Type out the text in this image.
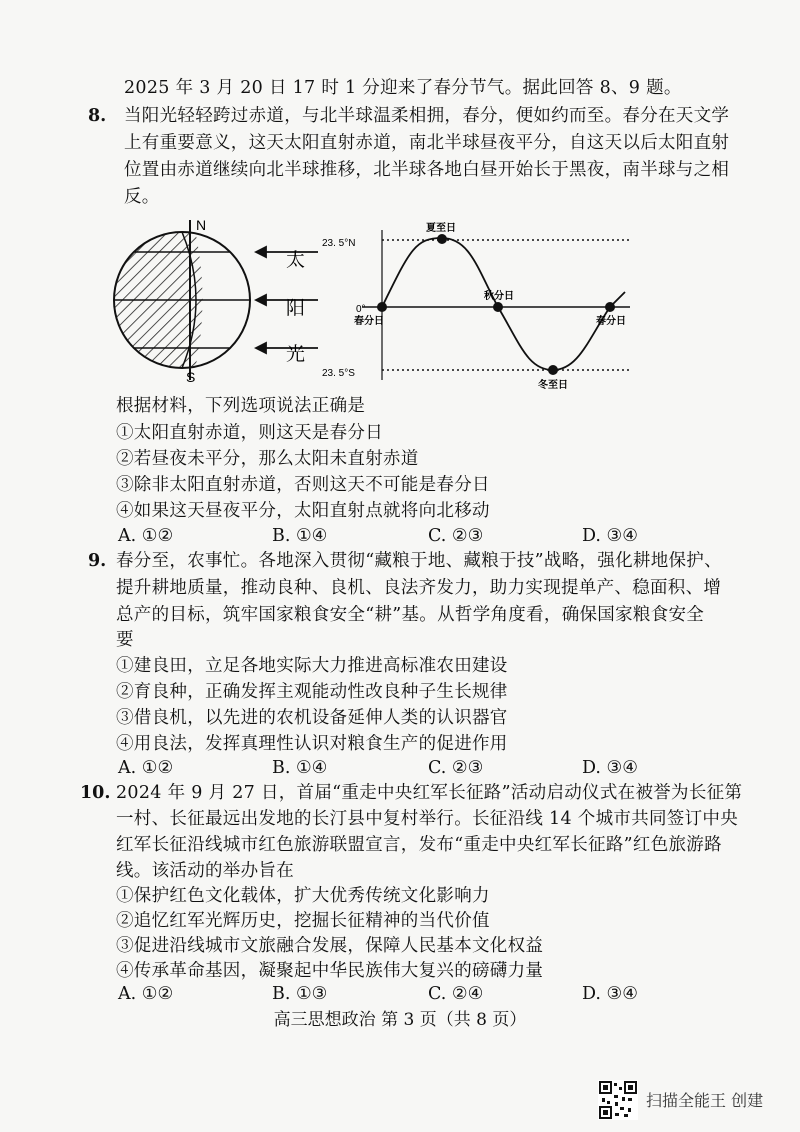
2025 年 3 月 20 日 17 时 1 分迎来了春分节气。据此回答 8、9 题。
8. 当阳光轻轻跨过赤道，与北半球温柔相拥，春分，便如约而至。春分在天文学
上有重要意义，这天太阳直射赤道，南北半球昼夜平分，自这天以后太阳直射
位置由赤道继续向北半球推移，北半球各地白昼开始长于黑夜，南半球与之相
反。
N
S
太
阳
光
23. 5°N
0°
23. 5°S
夏至日
春分日
秋分日
春分日
冬至日
根据材料，下列选项说法正确是
①太阳直射赤道，则这天是春分日
②若昼夜未平分，那么太阳未直射赤道
③除非太阳直射赤道，否则这天不可能是春分日
④如果这天昼夜平分，太阳直射点就将向北移动
A. ①②	B. ①④	C. ②③	D. ③④
9. 春分至，农事忙。各地深入贯彻“藏粮于地、藏粮于技”战略，强化耕地保护、
提升耕地质量，推动良种、良机、良法齐发力，助力实现提单产、稳面积、增
总产的目标，筑牢国家粮食安全“耕”基。从哲学角度看，确保国家粮食安全
要
①建良田，立足各地实际大力推进高标准农田建设
②育良种，正确发挥主观能动性改良种子生长规律
③借良机，以先进的农机设备延伸人类的认识器官
④用良法，发挥真理性认识对粮食生产的促进作用
A. ①②	B. ①④	C. ②③	D. ③④
10. 2024 年 9 月 27 日，首届“重走中央红军长征路”活动启动仪式在被誉为长征第
一村、长征最远出发地的长汀县中复村举行。长征沿线 14 个城市共同签订中央
红军长征沿线城市红色旅游联盟宣言，发布“重走中央红军长征路”红色旅游路
线。该活动的举办旨在
①保护红色文化载体，扩大优秀传统文化影响力
②追忆红军光辉历史，挖掘长征精神的当代价值
③促进沿线城市文旅融合发展，保障人民基本文化权益
④传承革命基因，凝聚起中华民族伟大复兴的磅礴力量
A. ①②	B. ①③	C. ②④	D. ③④
高三思想政治 第 3 页（共 8 页）
扫描全能王 创建
